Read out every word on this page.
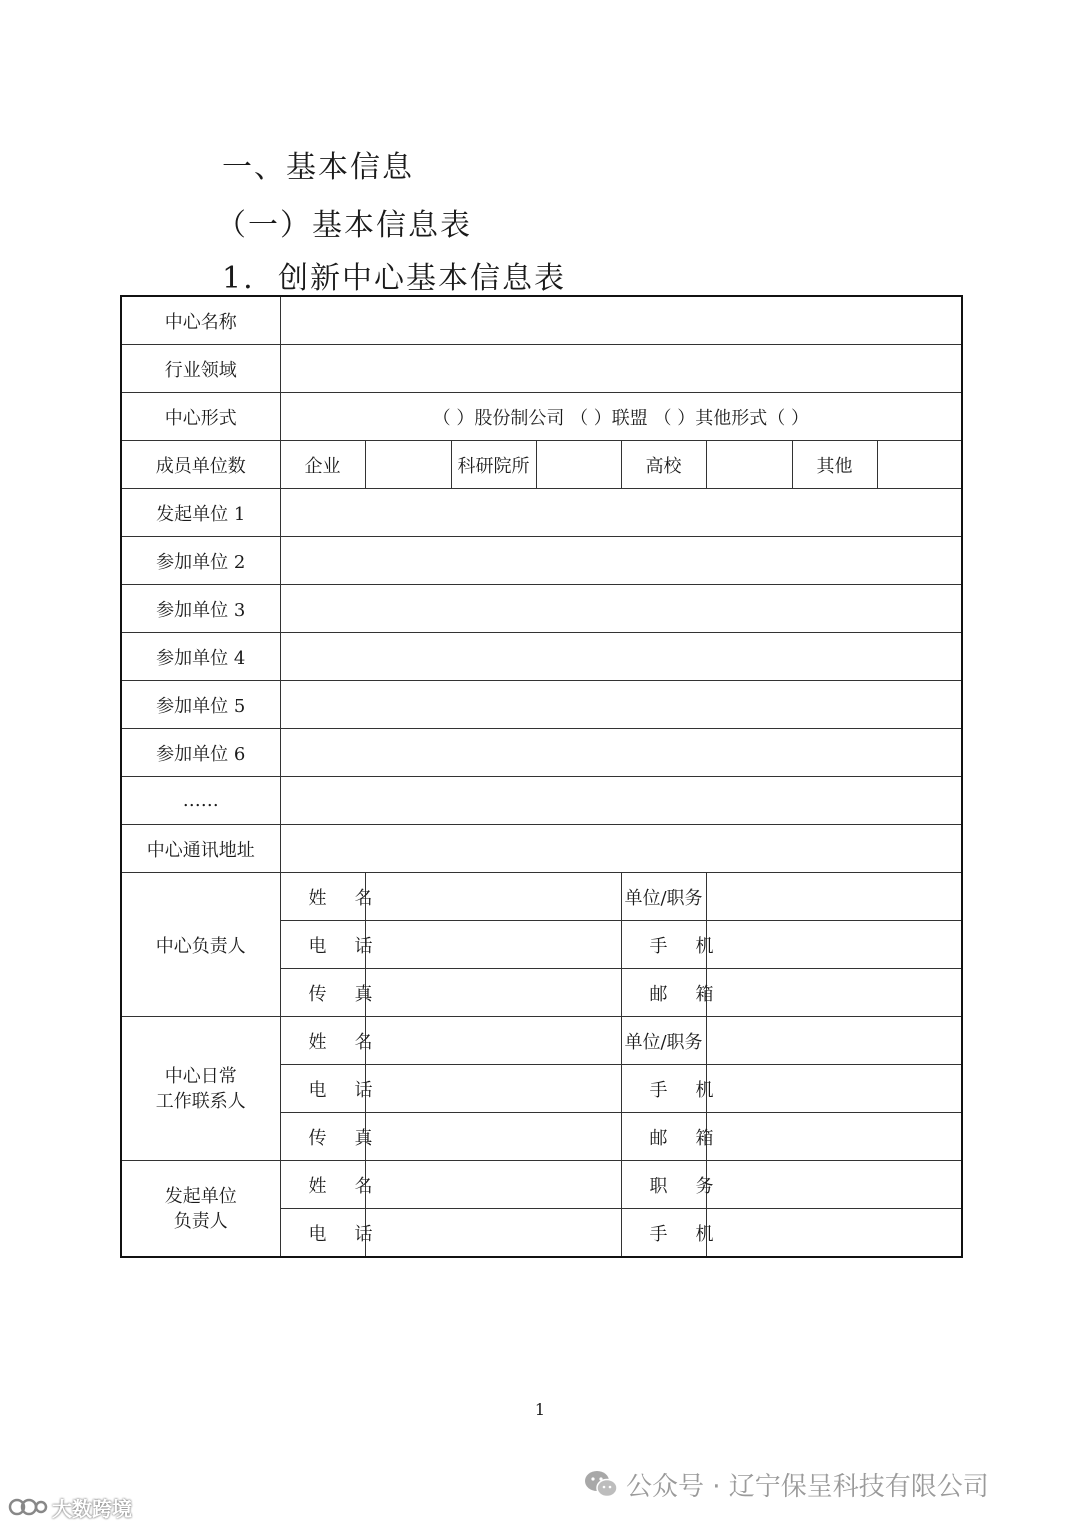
一、基本信息
（一）基本信息表
1. 创新中心基本信息表
中心名称								
行业领域								
中心形式	（ ）股份制公司 （ ）联盟 （ ）其他形式（ ）							
成员单位数	企业		科研院所		高校		其他	
发起单位 1								
参加单位 2								
参加单位 3								
参加单位 4								
参加单位 5								
参加单位 6								
……								
中心通讯地址								
中心负责人	姓名				单位/职务			
	电话				手机			
	传真				邮箱			
中心日常
工作联系人	姓名				单位/职务			
	电话				手机			
	传真				邮箱			
发起单位
负责人	姓名				职务			
	电话				手机			
1
公众号 · 辽宁保呈科技有限公司
大数跨境
